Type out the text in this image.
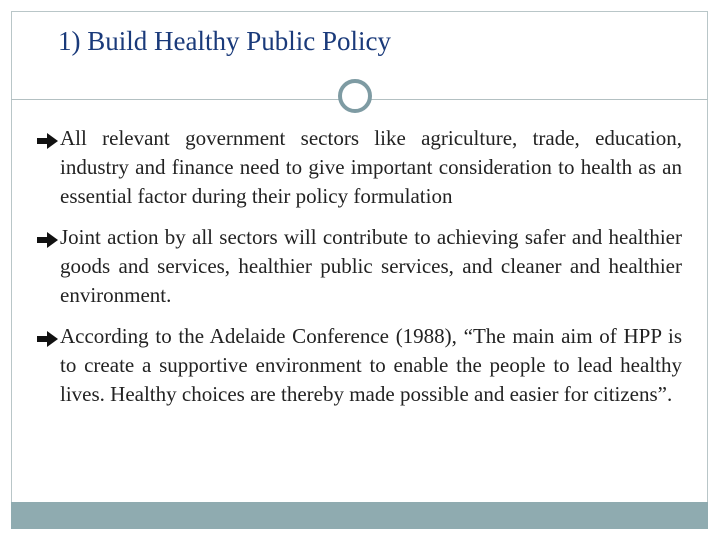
1) Build Healthy Public Policy

All relevant government sectors like agriculture, trade, education, industry and finance need to give important consideration to health as an essential factor during their policy formulation

Joint action by all sectors will contribute to achieving safer and healthier goods and services, healthier public services, and cleaner and healthier environment.

According to the Adelaide Conference (1988), “The main aim of HPP is to create a supportive environment to enable the people to lead healthy lives. Healthy choices are thereby made possible and easier for citizens”.
